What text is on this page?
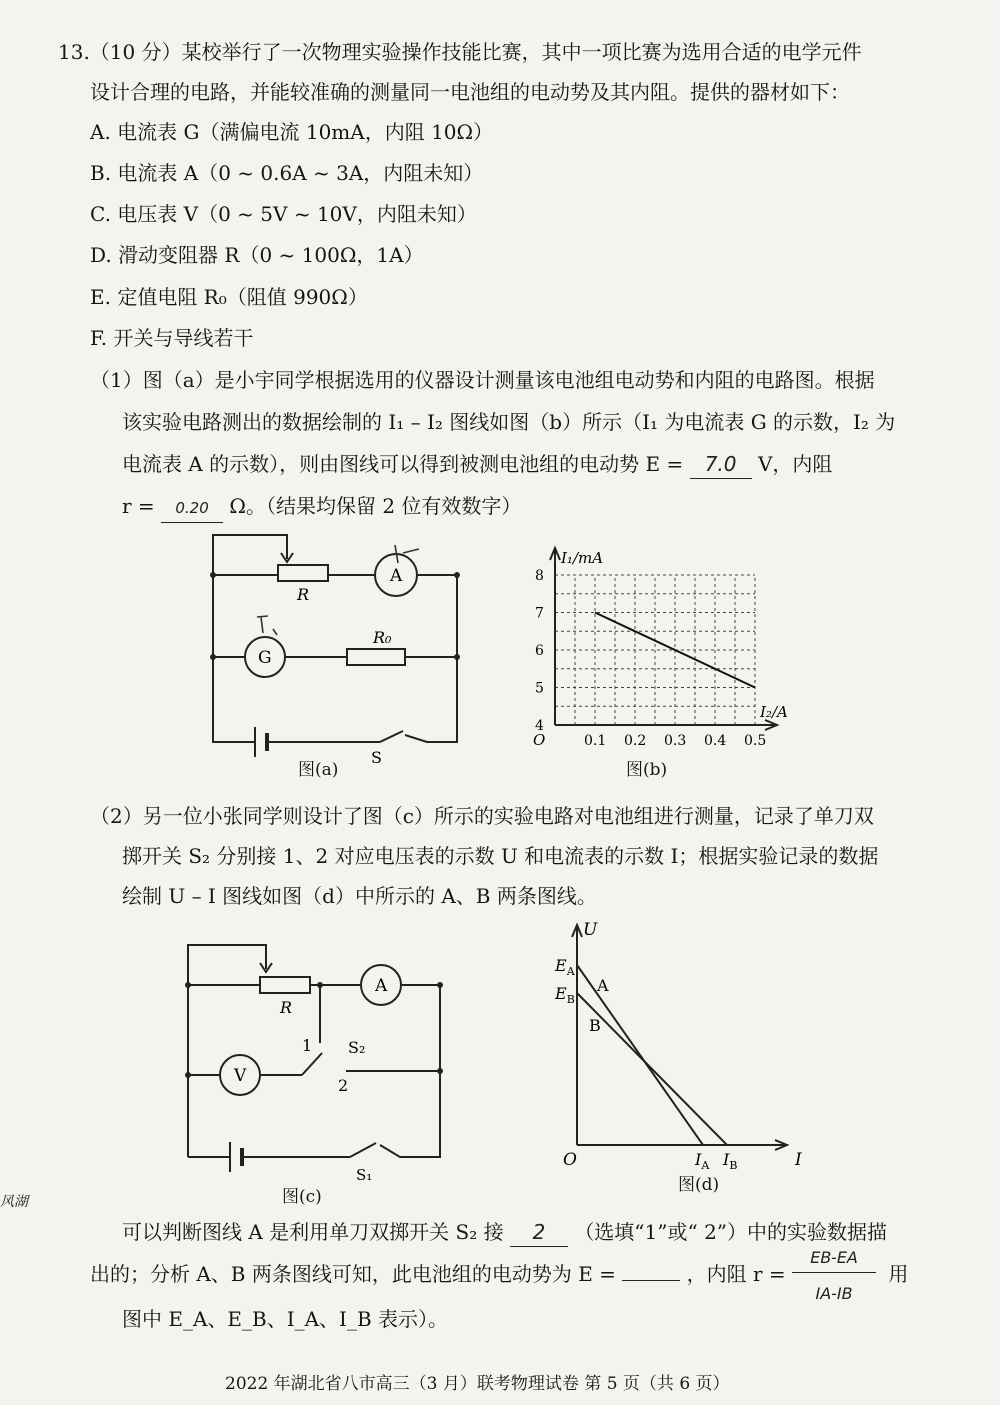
13.（10 分）某校举行了一次物理实验操作技能比赛，其中一项比赛为选用合适的电学元件
设计合理的电路，并能较准确的测量同一电池组的电动势及其内阻。提供的器材如下：
A. 电流表 G（满偏电流 10mA，内阻 10Ω）
B. 电流表 A（0 ~ 0.6A ~ 3A，内阻未知）
C. 电压表 V（0 ~ 5V ~ 10V，内阻未知）
D. 滑动变阻器 R（0 ~ 100Ω，1A）
E. 定值电阻 R₀（阻值 990Ω）
F. 开关与导线若干
（1）图（a）是小宇同学根据选用的仪器设计测量该电池组电动势和内阻的电路图。根据
该实验电路测出的数据绘制的 I₁ – I₂ 图线如图（b）所示（I₁ 为电流表 G 的示数，I₂ 为
电流表 A 的示数），则由图线可以得到被测电池组的电动势 E = 7.0 V，内阻
r = 0.20 Ω。（结果均保留 2 位有效数字）
R
R₀
G
A
S
图(a)
0.1 0.2 0.3 0.4 0.5
4
5
6
7
8
O
I₁/mA
I₂/A
图(b)
（2）另一位小张同学则设计了图（c）所示的实验电路对电池组进行测量，记录了单刀双
掷开关 S₂ 分别接 1、2 对应电压表的示数 U 和电流表的示数 I；根据实验记录的数据
绘制 U – I 图线如图（d）中所示的 A、B 两条图线。
R
A
V
1
2
S₂
S₁
图(c)
U
I
O
$E_A$
$E_B$
$I_A$ $I_B$
A
B
图(d)
风湖
可以判断图线 A 是利用单刀双掷开关 S₂ 接 2 （选填“1”或“ 2”）中的实验数据描
出的；分析 A、B 两条图线可知，此电池组的电动势为 E =	，内阻 $r = \frac{EB-EA}{IA-IB}$ 用
图中 E_A、E_B、I_A、I_B 表示）。
2022 年湖北省八市高三（3 月）联考物理试卷 第 5 页（共 6 页）
